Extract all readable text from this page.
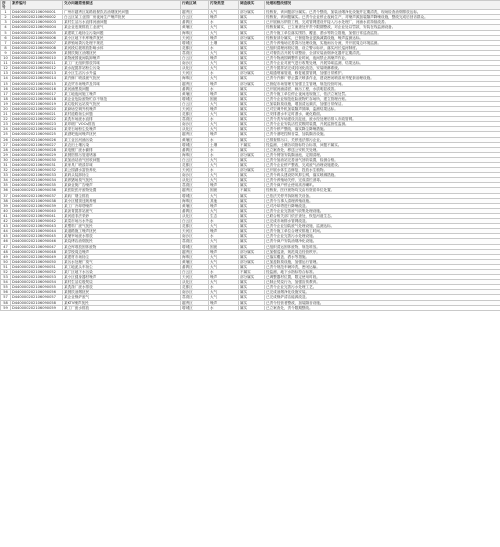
序号	案件编号	交办问题简要描述	行政区域	污染类型	调查核实	处理和整改情况
1	D440000202106090001	广州市越秀区某路段餐饮店油烟扰民问题	越秀区	大气	部分属实	经核查，该问题部分属实。已责令整改，加装油烟净化设施并定期清洗，现场检查油烟排放达标。
2	D440000202106090002	白云区某工业园厂房夜间生产噪声扰民	白云区	噪声	属实	经核查，该问题属实。已责令企业停止夜间生产，对噪声源加装隔声降噪设施，整改完成后回访群众。
3	D440000202106090003	某村生活污水直排河涌问题	番禺区	水	属实	已开展截污纳管工程，完成管网建设并接入污水处理厂，河涌水质持续改善。
4	D440000202106090004	某企业违规排放工业废气	黄埔区	大气	属实	经核查属实，已立案查处并责令限期整改，对企业处以罚款，安装在线监测设备。
5	D440000202106090005	某建筑工地扬尘污染问题	海珠区	大气	属实	已责令施工单位落实围挡、覆盖、洒水等防尘措施，加强日常巡查监管。
6	D440000202106090006	某小区地下车库噪声扰民	天河区	噪声	部分属实	经核查部分属实，已督促物业更换减震设施，噪声监测达标。
7	D440000202106090007	某养殖场粪污处理不规范	增城区	土壤	属实	已责令养殖场完善粪污处理设施，实施雨污分流，并开展周边环境监测。
8	D440000202106090008	某河段垃圾堆放影响水体	花都区	水	属实	已组织清理河段垃圾，设立警示标识，落实河长巡河制度。
9	D440000202106090009	某餐饮街区油烟扰民	荔湾区	大气	属实	已对餐饮店开展专项整治，全部安装油烟净化器并定期清洗。
10	D440000202106090010	某物流园夜间装卸噪声	白云区	噪声	属实	已责令物流园调整作业时间，夜间禁止高噪声作业。
11	D440000202106090011	某工厂无组织排放异味	南沙区	大气	属实	已责令企业对废气进行收集处理，开展异味监测，结果达标。
12	D440000202106090012	某水泥搅拌站粉尘污染	从化区	大气	属实	已责令搅拌站完成封闭化改造，安装喷淋系统。
13	D440000202106090013	某小区生活污水外溢	天河区	水	部分属实	已疏通堵塞管道，修复破损管网，加强日常维护。
14	D440000202106090014	某汽修厂喷漆废气扰民	海珠区	大气	属实	已责令汽修厂停止露天喷漆作业，建设密闭喷漆房并配套治理设施。
15	D440000202106090015	某农贸市场噪声及异味	越秀区	噪声	部分属实	已督促市场管理方加强卫生管理，规范经营时间。
16	D440000202106090016	某河涌黑臭问题	番禺区	水	属实	已开展河涌清淤、截污工程，水质明显改善。
17	D440000202106090017	某工地夜间施工噪声	黄埔区	噪声	属实	已责令施工单位停止夜间违规施工，依法立案处罚。
18	D440000202106090018	某企业危险废物贮存不规范	增城区	固废	属实	已责令企业规范危险废物贮存场所，建立管理台账。
19	D440000202106090019	某垃圾转运站臭气扰民	白云区	大气	属实	已加装除臭设施，增加清运频次，加强日常保洁。
20	D440000202106090020	某商场空调外机噪声	天河区	噪声	属实	已对空调外机加装隔声屏障，监测结果达标。
21	D440000202106090021	某村道路扬尘问题	花都区	大气	属实	已安排洒水车定时洒水，硬化路面。
22	D440000202106090022	某洗车场废水直排	荔湾区	水	属实	已责令洗车场建设沉淀池，废水经处理后排入市政管网。
23	D440000202106090023	某印刷厂VOCs排放	南沙区	大气	属实	已责令企业安装活性炭吸附装置，开展监督性监测。
24	D440000202106090024	某采石场粉尘及噪声	从化区	大气	属实	已责令停产整改，落实降尘降噪措施。
25	D440000202106090025	某酒吧夜间噪声扰民	越秀区	噪声	属实	已责令酒吧控制音量，加装隔音设施。
26	D440000202106090026	某工业区河涌污染	黄埔区	水	属实	已排查排污口，关停违法排污企业。
27	D440000202106090027	某农田土壤污染	增城区	土壤	不属实	经监测，土壤各项指标符合标准，问题不属实。
28	D440000202106090028	某电镀厂废水偷排	番禺区	水	属实	已立案查处，移送公安机关处理。
29	D440000202106090029	某餐馆排污管道堵塞	海珠区	水	部分属实	已责令餐馆安装隔油池，定期清理。
30	D440000202106090030	某加油站油气回收问题	白云区	大气	属实	已责令加油站完善油气回收装置，检测合格。
31	D440000202106090031	某家具厂喷漆异味	花都区	大气	属实	已责令企业停产整改，完成废气治理设施建设。
32	D440000202106090032	某公园湖水富营养化	天河区	水	部分属实	已开展水体生态修复，投放水生植物。
33	D440000202106090033	某码头装卸扬尘	南沙区	大气	属实	已责令码头建设防风抑尘网，落实喷淋措施。
34	D440000202106090034	某养猪场臭气扰民	从化区	大气	属实	已责令养殖场关停，完成清栏消毒。
35	D440000202106090035	某商业街广告噪声	荔湾区	噪声	属实	已责令商户停止使用高音喇叭。
36	D440000202106090036	某医院医疗废物处置	越秀区	固废	不属实	经核查，医疗废物均交由有资质单位处置。
37	D440000202106090037	某砖厂烟尘排放	增城区	大气	属实	已依法关停并拆除相关设备。
38	D440000202106090038	某小区楼顶违规养殖	海珠区	其他	属实	已责令当事人清理养殖设施。
39	D440000202106090039	某工厂冷却塔噪声	黄埔区	噪声	属实	已对冷却塔进行降噪改造。
40	D440000202106090040	某沥青搅拌站废气	番禺区	大气	属实	已责令企业完善废气收集处理设施。
41	D440000202106090041	某河道非法采砂	从化区	生态	属实	已联合相关部门依法查处，恢复河道生态。
42	D440000202106090042	某菜市场污水外溢	白云区	水	属实	已完成市场排水管网改造。
43	D440000202106090043	某塑料厂废气扰民	花都区	大气	属实	已责令企业加装废气处理设施，监测达标。
44	D440000202106090044	某道路施工噪声扰民	天河区	噪声	属实	已责令施工单位合理安排施工时间。
45	D440000202106090045	某屠宰场废水排放	南沙区	水	属实	已责令企业完善污水处理设施。
46	D440000202106090046	某烧烤店油烟扰民	荔湾区	大气	属实	已责令商户安装油烟净化设施。
47	D440000202106090047	某仓库堆放固体废物	增城区	固废	属实	已组织清运固体废物，规范堆放。
48	D440000202106090048	某学校周边噪声	越秀区	噪声	部分属实	已加强巡查，规范周边经营秩序。
49	D440000202106090049	某建材市场扬尘	海珠区	大气	属实	已落实覆盖、洒水等措施。
50	D440000202106090050	某污水处理厂臭气	黄埔区	大气	部分属实	已加盖除臭设施，加强运行管理。
51	D440000202106090051	某工地泥头车扬尘	番禺区	大气	属实	已责令规范车辆冲洗，密闭运输。
52	D440000202106090052	某厂区地下水污染	白云区	水	不属实	经监测，地下水指标符合标准。
53	D440000202106090053	某小区健身器材噪声	天河区	噪声	部分属实	已调整器材位置，限定使用时段。
54	D440000202106090054	某村生活垃圾焚烧	从化区	大气	属实	已制止焚烧行为，加强宣传教育。
55	D440000202106090055	某洗涤厂废水排放	花都区	水	属实	已责令企业完善污水处理工艺。
56	D440000202106090056	某餐饮油烟扰民	南沙区	大气	属实	已完成油烟净化设施安装。
57	D440000202106090057	某企业锅炉废气	荔湾区	大气	属实	已完成锅炉清洁能源改造。
58	D440000202106090058	某KTV噪声扰民	越秀区	噪声	属实	已责令经营者整改，加装隔音设施。
59	D440000202106090059	某工厂废水排放	增城区	水	属实	已立案查处，责令限期整改。
